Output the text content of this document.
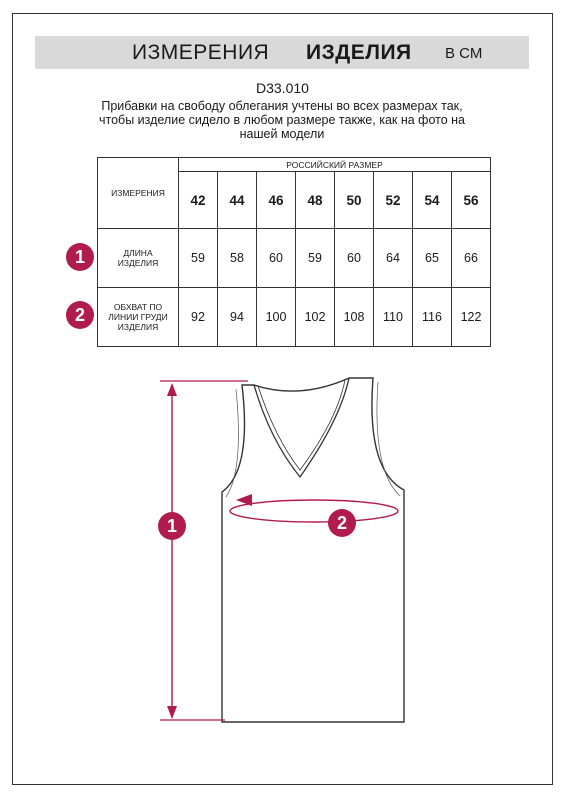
ИЗМЕРЕНИЯ ИЗДЕЛИЯ В СМ
D33.010
Прибавки на свободу облегания учтены во всех размерах так, чтобы изделие сидело в любом размере также, как на фото на нашей модели
ИЗМЕРЕНИЯ	РОССИЙСКИЙ РАЗМЕР							
	42	44	46	48	50	52	54	56

ДЛИНА
ИЗДЕЛИЯ	59	58	60	59	60	64	65	66

ОБХВАТ ПО
ЛИНИИ ГРУДИ
ИЗДЕЛИЯ	92	94	100	102	108	110	116	122
1
2
1	2
